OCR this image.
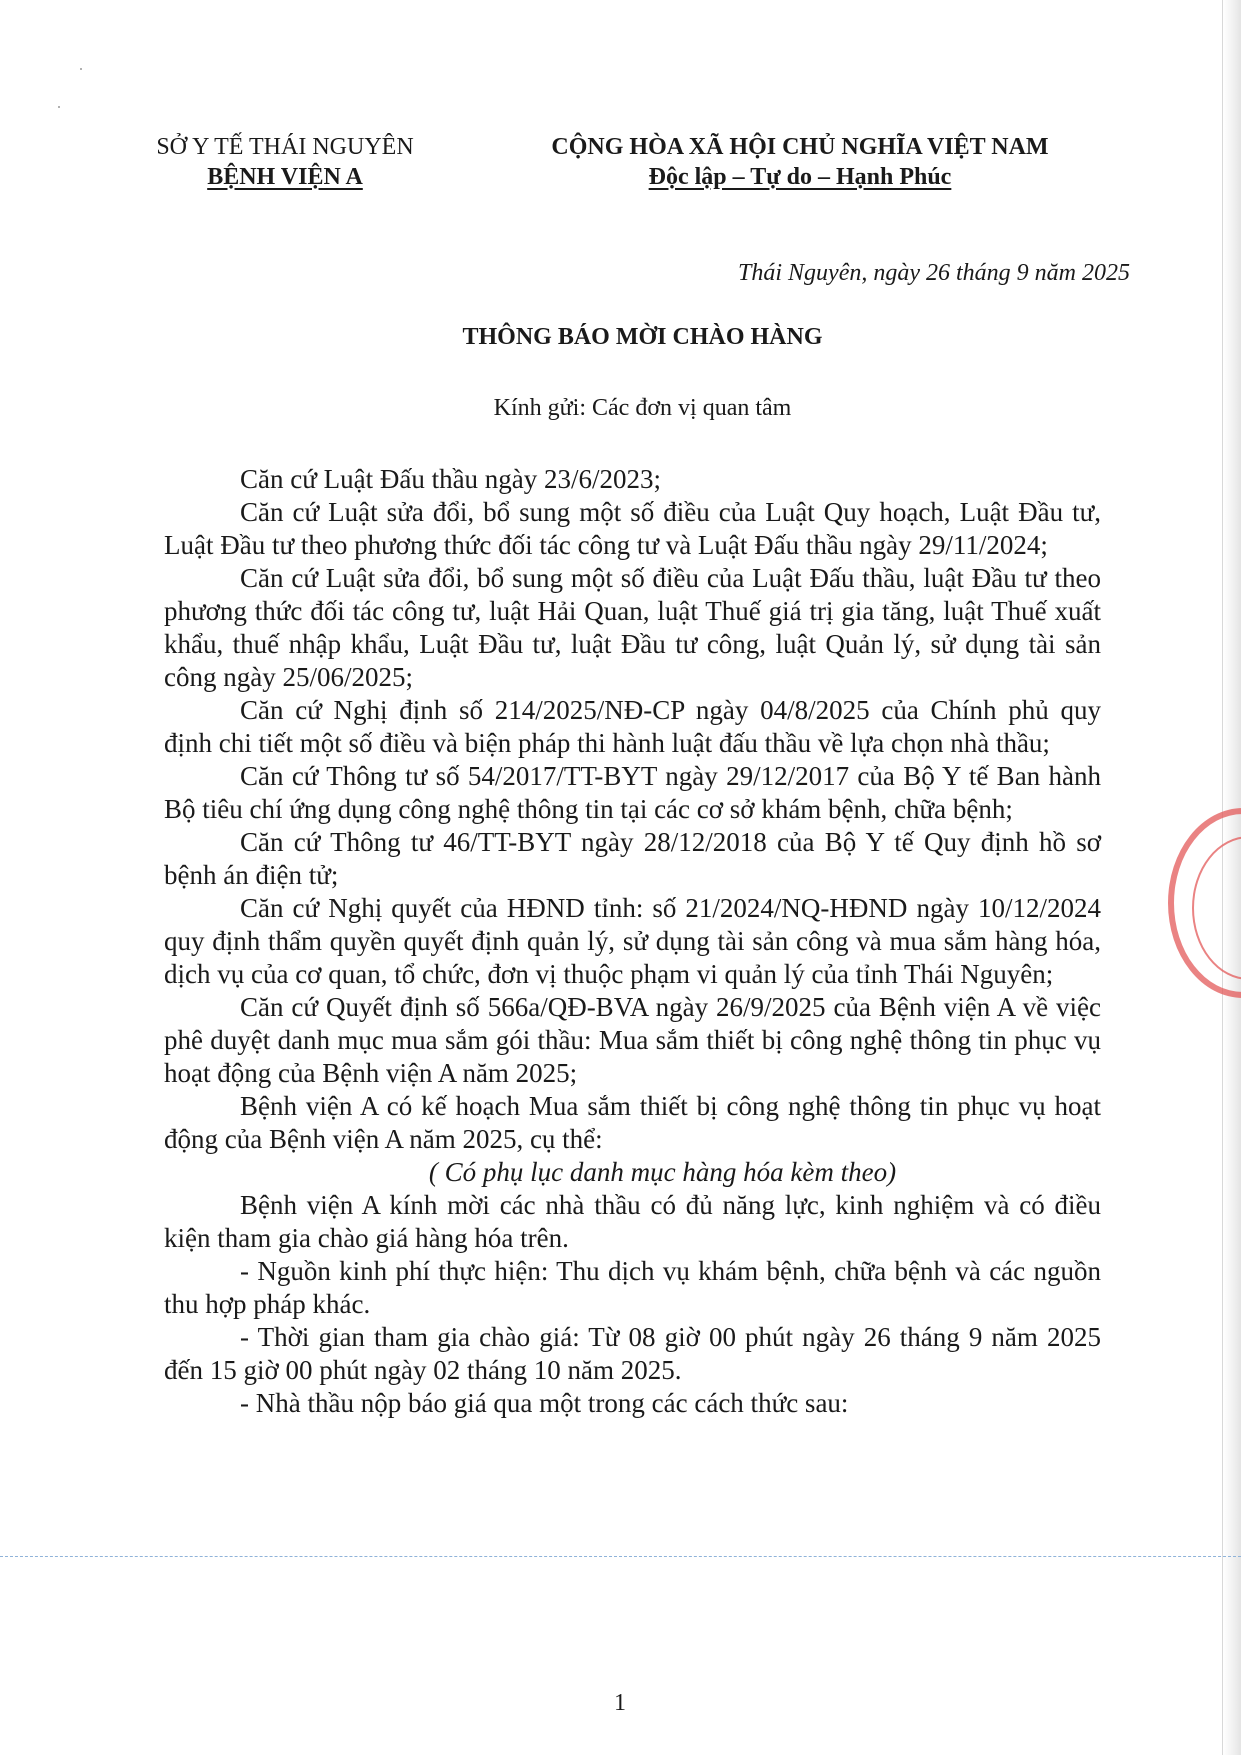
SỞ Y TẾ THÁI NGUYÊN
BỆNH VIỆN A
CỘNG HÒA XÃ HỘI CHỦ NGHĨA VIỆT NAM
Độc lập – Tự do – Hạnh Phúc
Thái Nguyên, ngày 26 tháng 9 năm 2025
THÔNG BÁO MỜI CHÀO HÀNG
Kính gửi: Các đơn vị quan tâm

Căn cứ Luật Đấu thầu ngày 23/6/2023;

Căn cứ Luật sửa đổi, bổ sung một số điều của Luật Quy hoạch, Luật Đầu tư, Luật Đầu tư theo phương thức đối tác công tư và Luật Đấu thầu ngày 29/11/2024;

Căn cứ Luật sửa đổi, bổ sung một số điều của Luật Đấu thầu, luật Đầu tư theo phương thức đối tác công tư, luật Hải Quan, luật Thuế giá trị gia tăng, luật Thuế xuất khẩu, thuế nhập khẩu, Luật Đầu tư, luật Đầu tư công, luật Quản lý, sử dụng tài sản công ngày 25/06/2025;

Căn cứ Nghị định số 214/2025/NĐ-CP ngày 04/8/2025 của Chính phủ quy định chi tiết một số điều và biện pháp thi hành luật đấu thầu về lựa chọn nhà thầu;

Căn cứ Thông tư số 54/2017/TT-BYT ngày 29/12/2017 của Bộ Y tế Ban hành Bộ tiêu chí ứng dụng công nghệ thông tin tại các cơ sở khám bệnh, chữa bệnh;

Căn cứ Thông tư 46/TT-BYT ngày 28/12/2018 của Bộ Y tế Quy định hồ sơ bệnh án điện tử;

Căn cứ Nghị quyết của HĐND tỉnh: số 21/2024/NQ-HĐND ngày 10/12/2024 quy định thẩm quyền quyết định quản lý, sử dụng tài sản công và mua sắm hàng hóa, dịch vụ của cơ quan, tổ chức, đơn vị thuộc phạm vi quản lý của tỉnh Thái Nguyên;

Căn cứ Quyết định số 566a/QĐ-BVA ngày 26/9/2025 của Bệnh viện A về việc phê duyệt danh mục mua sắm gói thầu: Mua sắm thiết bị công nghệ thông tin phục vụ hoạt động của Bệnh viện A năm 2025;

Bệnh viện A có kế hoạch Mua sắm thiết bị công nghệ thông tin phục vụ hoạt động của Bệnh viện A năm 2025, cụ thể:

( Có phụ lục danh mục hàng hóa kèm theo)

Bệnh viện A kính mời các nhà thầu có đủ năng lực, kinh nghiệm và có điều kiện tham gia chào giá hàng hóa trên.

- Nguồn kinh phí thực hiện: Thu dịch vụ khám bệnh, chữa bệnh và các nguồn thu hợp pháp khác.

- Thời gian tham gia chào giá: Từ 08 giờ 00 phút ngày 26 tháng 9 năm 2025 đến 15 giờ 00 phút ngày 02 tháng 10 năm 2025.

- Nhà thầu nộp báo giá qua một trong các cách thức sau:

1
